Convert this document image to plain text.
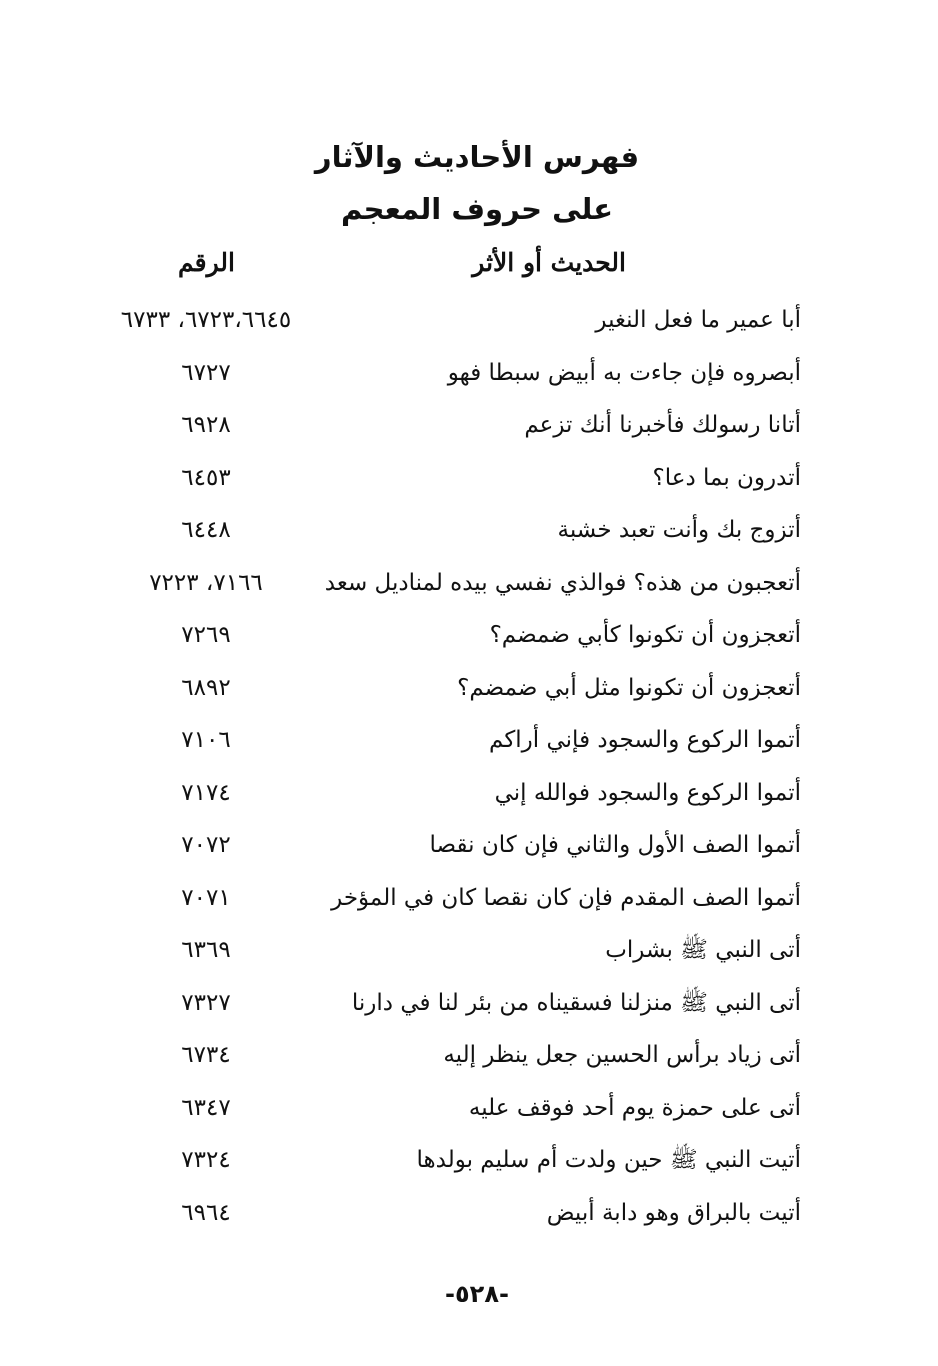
فهرس الأحاديث والآثار
على حروف المعجم
الحديث أو الأثر
الرقم
أبا عمير ما فعل النغير
٦٧٢٣،٦٦٤٥، ٦٧٣٣
أبصروه فإن جاءت به أبيض سبطا فهو
٦٧٢٧
أتانا رسولك فأخبرنا أنك تزعم
٦٩٢٨
أتدرون بما دعا؟
٦٤٥٣
أتزوج بك وأنت تعبد خشبة
٦٤٤٨
أتعجبون من هذه؟ فوالذي نفسي بيده لمناديل سعد
٧١٦٦، ٧٢٢٣
أتعجزون أن تكونوا كأبي ضمضم؟
٧٢٦٩
أتعجزون أن تكونوا مثل أبي ضمضم؟
٦٨٩٢
أتموا الركوع والسجود فإني أراكم
٧١٠٦
أتموا الركوع والسجود فوالله إني
٧١٧٤
أتموا الصف الأول والثاني فإن كان نقصا
٧٠٧٢
أتموا الصف المقدم فإن كان نقصا كان في المؤخر
٧٠٧١
أتى النبي ﷺ بشراب
٦٣٦٩
أتى النبي ﷺ منزلنا فسقيناه من بئر لنا في دارنا
٧٣٢٧
أتى زياد برأس الحسين جعل ينظر إليه
٦٧٣٤
أتى على حمزة يوم أحد فوقف عليه
٦٣٤٧
أتيت النبي ﷺ حين ولدت أم سليم بولدها
٧٣٢٤
أتيت بالبراق وهو دابة أبيض
٦٩٦٤
-٥٢٨-
